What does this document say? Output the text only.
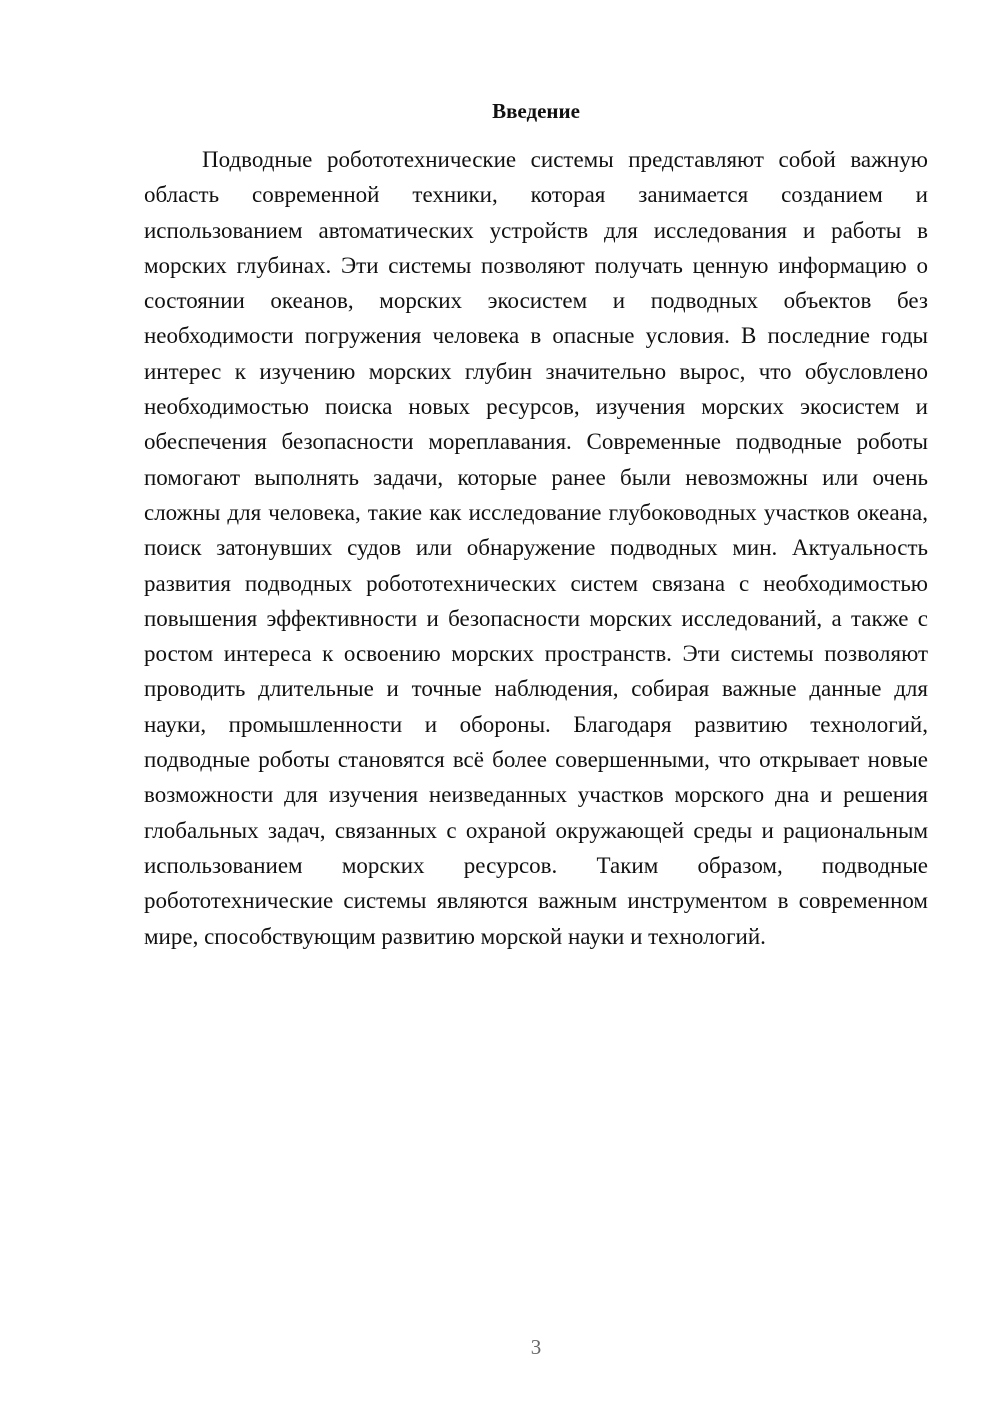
Введение

Подводные робототехнические системы представляют собой важную область современной техники, которая занимается созданием и использованием автоматических устройств для исследования и работы в морских глубинах. Эти системы позволяют получать ценную информацию о состоянии океанов, морских экосистем и подводных объектов без необходимости погружения человека в опасные условия. В последние годы интерес к изучению морских глубин значительно вырос, что обусловлено необходимостью поиска новых ресурсов, изучения морских экосистем и обеспечения безопасности мореплавания. Современные подводные роботы помогают выполнять задачи, которые ранее были невозможны или очень сложны для человека, такие как исследование глубоководных участков океана, поиск затонувших судов или обнаружение подводных мин. Актуальность развития подводных робототехнических систем связана с необходимостью повышения эффективности и безопасности морских исследований, а также с ростом интереса к освоению морских пространств. Эти системы позволяют проводить длительные и точные наблюдения, собирая важные данные для науки, промышленности и обороны. Благодаря развитию технологий, подводные роботы становятся всё более совершенными, что открывает новые возможности для изучения неизведанных участков морского дна и решения глобальных задач, связанных с охраной окружающей среды и рациональным использованием морских ресурсов. Таким образом, подводные робототехнические системы являются важным инструментом в современном мире, способствующим развитию морской науки и технологий.

3
